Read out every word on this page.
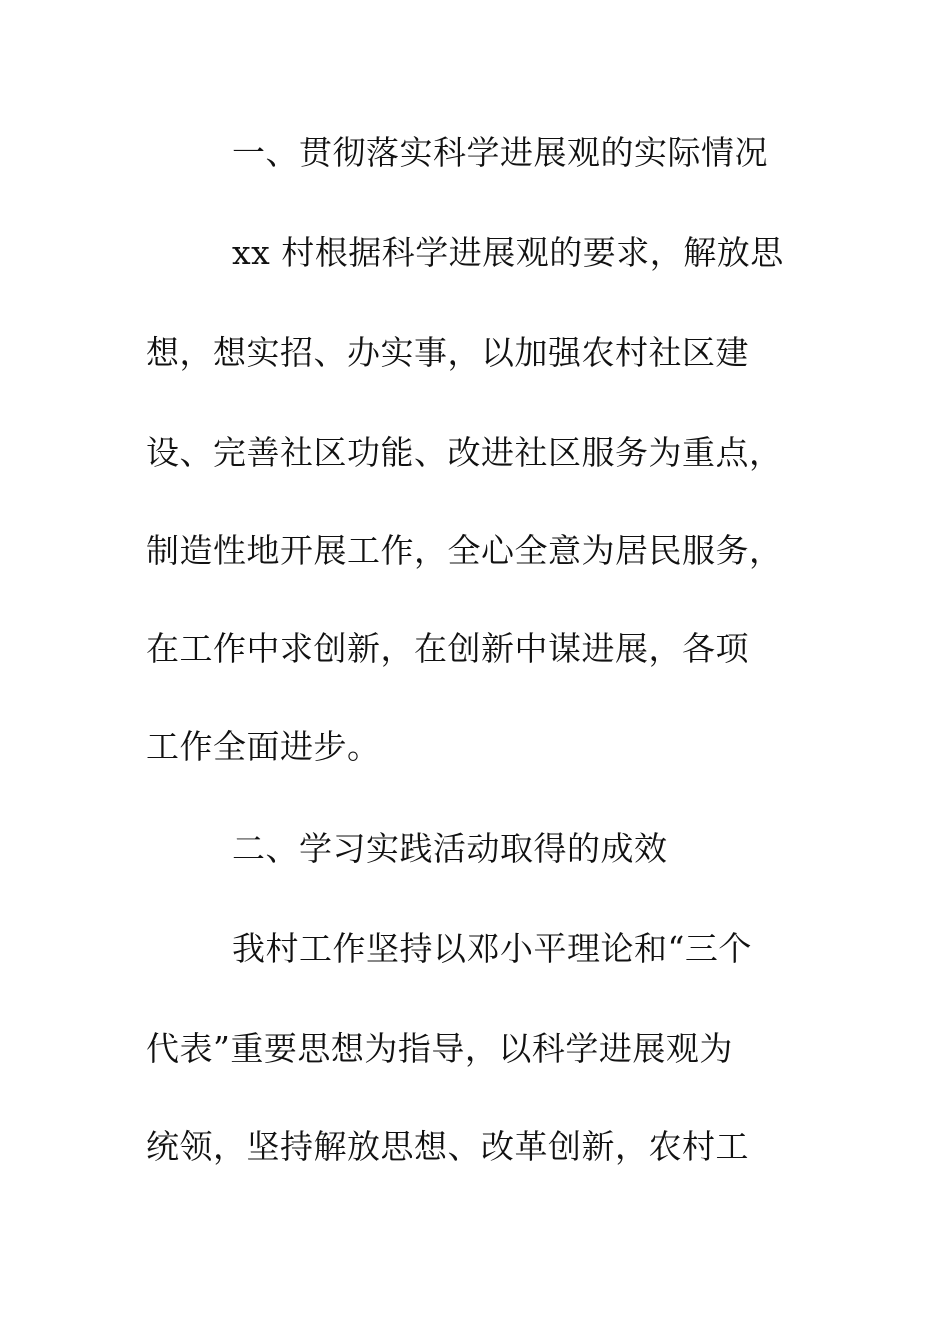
一、贯彻落实科学进展观的实际情况
xx 村根据科学进展观的要求，解放思
想，想实招、办实事，以加强农村社区建
设、完善社区功能、改进社区服务为重点，
制造性地开展工作，全心全意为居民服务，
在工作中求创新，在创新中谋进展，各项
工作全面进步。
二、学习实践活动取得的成效
我村工作坚持以邓小平理论和“三个
代表”重要思想为指导，以科学进展观为
统领，坚持解放思想、改革创新，农村工
